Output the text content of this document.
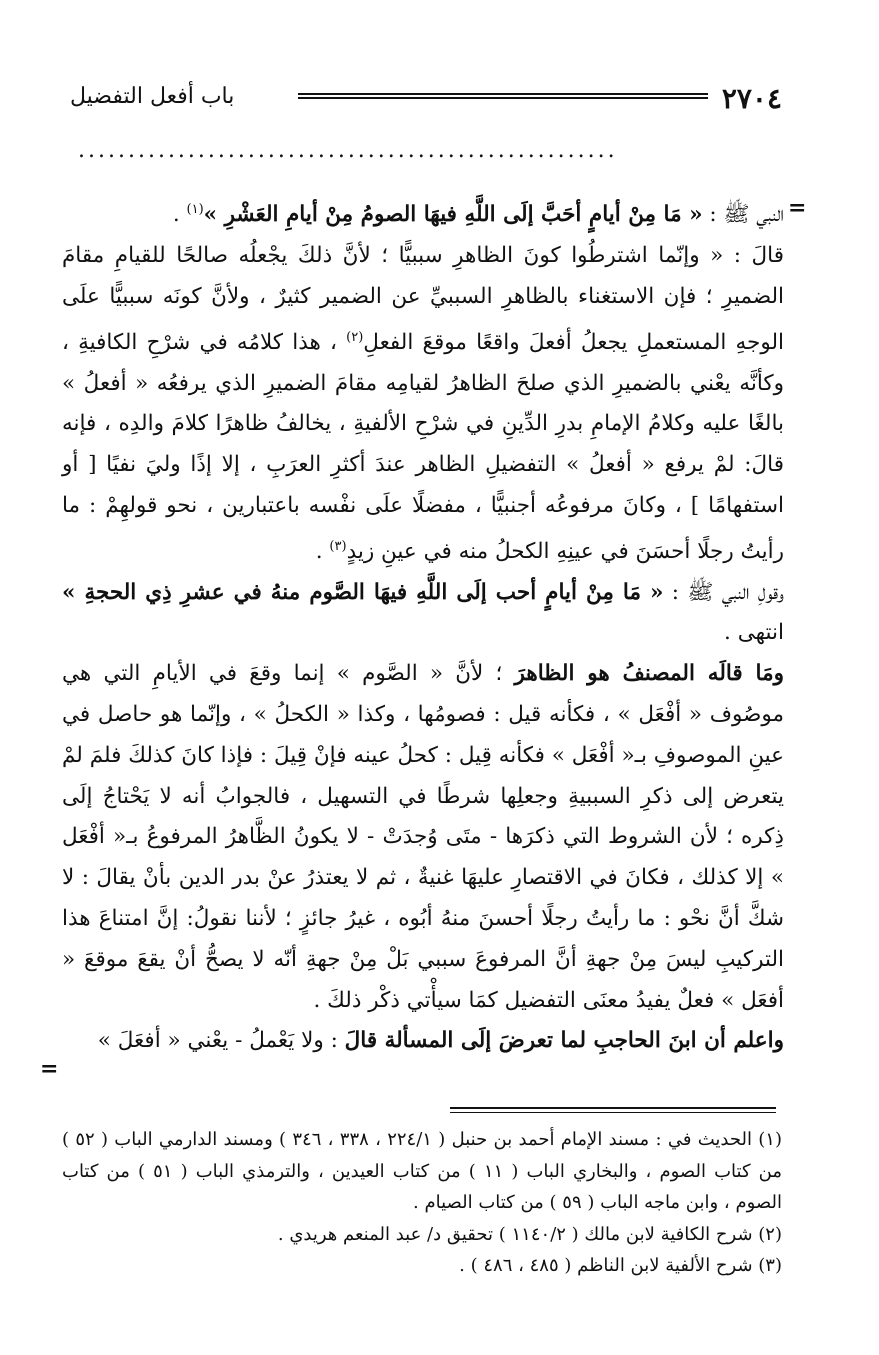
٢٧٠٤
باب أفعل التفضيل
......................................................
=

النبي ﷺ : « مَا مِنْ أيامٍ أحَبَّ إلَى اللَّهِ فيهَا الصومُ مِنْ أيامِ العَشْرِ »$^{(١)}$ .

قالَ : « وإنّما اشترطُوا كونَ الظاهرِ سببيًّا ؛ لأنَّ ذلكَ يجْعلُه صالحًا للقيامِ مقامَ الضميرِ ؛ فإن الاستغناء بالظاهرِ السببيِّ عن الضمير كثيرٌ ، ولأنَّ كونَه سببيًّا علَى الوجهِ المستعملِ يجعلُ أفعلَ واقعًا موقعَ الفعلِ$^{(٢)}$ ، هذا كلامُه في شرْحِ الكافيةِ ، وكأنَّه يعْني بالضميرِ الذي صلحَ الظاهرُ لقيامِه مقامَ الضميرِ الذي يرفعُه « أفعلُ » بالغًا عليه وكلامُ الإمامِ بدرِ الدِّينِ في شرْحِ الألفيةِ ، يخالفُ ظاهرًا كلامَ والدِه ، فإنه قالَ: لمْ يرفع « أفعلُ » التفضيلِ الظاهر عندَ أكثرِ العرَبِ ، إلا إذًا وليَ نفيًا [ أو استفهامًا ] ، وكانَ مرفوعُه أجنبيًّا ، مفضلًا علَى نفْسه باعتبارين ، نحو قولهِمْ : ما رأيتُ رجلًا أحسَنَ في عينِهِ الكحلُ منه في عينِ زيدٍ$^{(٣)}$ .

وقولِ النبي ﷺ : « مَا مِنْ أيامٍ أحب إلَى اللَّهِ فيهَا الصَّوم منهُ في عشرِ ذِي الحجةِ » انتهى .

ومَا قالَه المصنفُ هو الظاهرَ ؛ لأنَّ « الصَّوم » إنما وقعَ في الأيامِ التي هي موصُوف « أفْعَل » ، فكأنه قيل : فصومُها ، وكذا « الكحلُ » ، وإنّما هو حاصل في عينِ الموصوفِ بـ« أفْعَل » فكأنه قِيل : كحلُ عينه فإنْ قِيلَ : فإذا كانَ كذلكَ فلمَ لمْ يتعرض إلى ذكرِ السببيةِ وجعلِها شرطًا في التسهيل ، فالجوابُ أنه لا يَحْتاجُ إلَى ذِكره ؛ لأن الشروط التي ذكرَها - متَى وُجدَتْ - لا يكونُ الظَّاهرُ المرفوعُ بـ« أفْعَل » إلا كذلك ، فكانَ في الاقتصارِ عليهَا غنيةٌ ، ثم لا يعتذرُ عنْ بدر الدين بأنْ يقالَ : لا شكَّ أنَّ نحْو : ما رأيتُ رجلًا أحسنَ منهُ أبُوه ، غيرُ جائزٍ ؛ لأننا نقولُ: إنَّ امتناعَ هذا التركيبِ ليسَ مِنْ جهةِ أنَّ المرفوعَ سببي بَلْ مِنْ جهةِ أنّه لا يصحُّ أنْ يقعَ موقعَ « أفعَل » فعلٌ يفيدُ معنَى التفضيل كمَا سيأْتي ذكْر ذلكَ .

واعلم أن ابنَ الحاجبِ لما تعرضَ إلَى المسألة قالَ : ولا يَعْملُ - يعْني « أفعَلَ »

=

(١) الحديث في : مسند الإمام أحمد بن حنبل ( ٢٢٤/١ ، ٣٣٨ ، ٣٤٦ ) ومسند الدارمي الباب ( ٥٢ ) من كتاب الصوم ، والبخاري الباب ( ١١ ) من كتاب العيدين ، والترمذي الباب ( ٥١ ) من كتاب الصوم ، وابن ماجه الباب ( ٥٩ ) من كتاب الصيام .

(٢) شرح الكافية لابن مالك ( ١١٤٠/٢ ) تحقيق د/ عبد المنعم هريدي .

(٣) شرح الألفية لابن الناظم ( ٤٨٥ ، ٤٨٦ ) .
